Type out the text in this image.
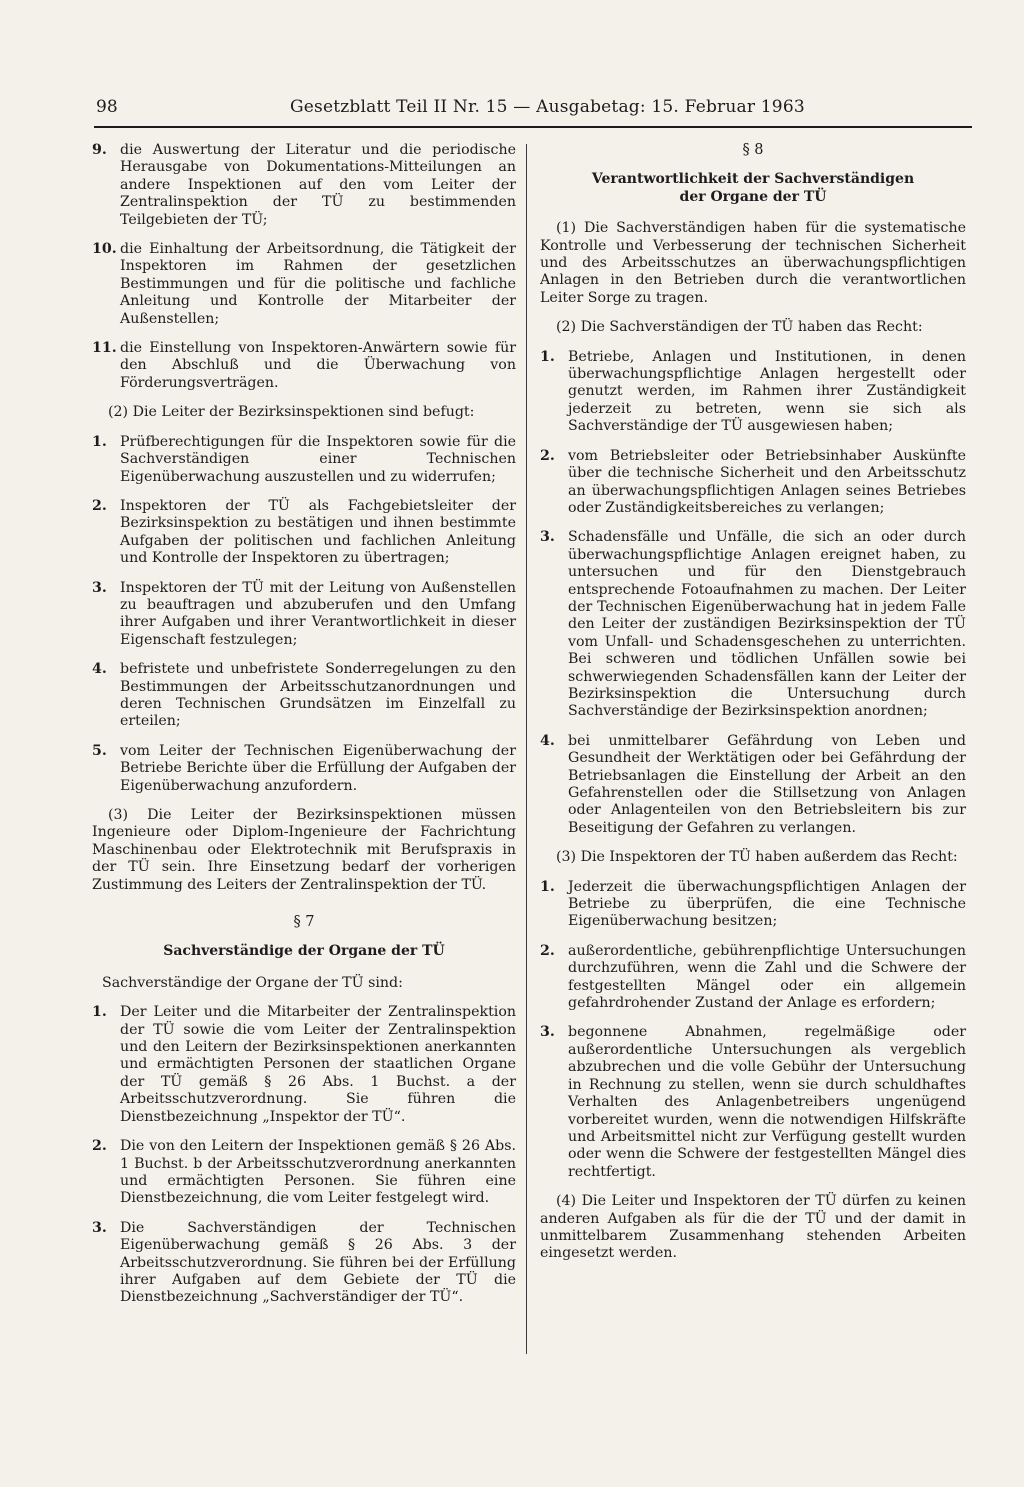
98	Gesetzblatt Teil II Nr. 15 — Ausgabetag: 15. Februar 1963
9. die Auswertung der Literatur und die periodische Herausgabe von Dokumentations-Mitteilungen an andere Inspektionen auf den vom Leiter der Zentralinspektion der TÜ zu bestimmenden Teilgebieten der TÜ;
10. die Einhaltung der Arbeitsordnung, die Tätigkeit der Inspektoren im Rahmen der gesetzlichen Bestimmungen und für die politische und fachliche Anleitung und Kontrolle der Mitarbeiter der Außenstellen;
11. die Einstellung von Inspektoren-Anwärtern sowie für den Abschluß und die Überwachung von Förderungsverträgen.

(2) Die Leiter der Bezirksinspektionen sind befugt:

1. Prüfberechtigungen für die Inspektoren sowie für die Sachverständigen einer Technischen Eigenüberwachung auszustellen und zu widerrufen;
2. Inspektoren der TÜ als Fachgebietsleiter der Bezirksinspektion zu bestätigen und ihnen bestimmte Aufgaben der politischen und fachlichen Anleitung und Kontrolle der Inspektoren zu übertragen;
3. Inspektoren der TÜ mit der Leitung von Außenstellen zu beauftragen und abzuberufen und den Umfang ihrer Aufgaben und ihrer Verantwortlichkeit in dieser Eigenschaft festzulegen;
4. befristete und unbefristete Sonderregelungen zu den Bestimmungen der Arbeitsschutzanordnungen und deren Technischen Grundsätzen im Einzelfall zu erteilen;
5. vom Leiter der Technischen Eigenüberwachung der Betriebe Berichte über die Erfüllung der Aufgaben der Eigenüberwachung anzufordern.

(3) Die Leiter der Bezirksinspektionen müssen Ingenieure oder Diplom-Ingenieure der Fachrichtung Maschinenbau oder Elektrotechnik mit Berufspraxis in der TÜ sein. Ihre Einsetzung bedarf der vorherigen Zustimmung des Leiters der Zentralinspektion der TÜ.

§ 7
Sachverständige der Organe der TÜ

Sachverständige der Organe der TÜ sind:

1. Der Leiter und die Mitarbeiter der Zentralinspektion der TÜ sowie die vom Leiter der Zentralinspektion und den Leitern der Bezirksinspektionen anerkannten und ermächtigten Personen der staatlichen Organe der TÜ gemäß § 26 Abs. 1 Buchst. a der Arbeitsschutzverordnung. Sie führen die Dienstbezeichnung „Inspektor der TÜ“.
2. Die von den Leitern der Inspektionen gemäß § 26 Abs. 1 Buchst. b der Arbeitsschutzverordnung anerkannten und ermächtigten Personen. Sie führen eine Dienstbezeichnung, die vom Leiter festgelegt wird.
3. Die Sachverständigen der Technischen Eigenüberwachung gemäß § 26 Abs. 3 der Arbeitsschutzverordnung. Sie führen bei der Erfüllung ihrer Aufgaben auf dem Gebiete der TÜ die Dienstbezeichnung „Sachverständiger der TÜ“.
§ 8
Verantwortlichkeit der Sachverständigen
der Organe der TÜ

(1) Die Sachverständigen haben für die systematische Kontrolle und Verbesserung der technischen Sicherheit und des Arbeitsschutzes an überwachungspflichtigen Anlagen in den Betrieben durch die verantwortlichen Leiter Sorge zu tragen.

(2) Die Sachverständigen der TÜ haben das Recht:

1. Betriebe, Anlagen und Institutionen, in denen überwachungspflichtige Anlagen hergestellt oder genutzt werden, im Rahmen ihrer Zuständigkeit jederzeit zu betreten, wenn sie sich als Sachverständige der TÜ ausgewiesen haben;
2. vom Betriebsleiter oder Betriebsinhaber Auskünfte über die technische Sicherheit und den Arbeitsschutz an überwachungspflichtigen Anlagen seines Betriebes oder Zuständigkeitsbereiches zu verlangen;
3. Schadensfälle und Unfälle, die sich an oder durch überwachungspflichtige Anlagen ereignet haben, zu untersuchen und für den Dienstgebrauch entsprechende Fotoaufnahmen zu machen. Der Leiter der Technischen Eigenüberwachung hat in jedem Falle den Leiter der zuständigen Bezirksinspektion der TÜ vom Unfall- und Schadensgeschehen zu unterrichten. Bei schweren und tödlichen Unfällen sowie bei schwerwiegenden Schadensfällen kann der Leiter der Bezirksinspektion die Untersuchung durch Sachverständige der Bezirksinspektion anordnen;
4. bei unmittelbarer Gefährdung von Leben und Gesundheit der Werktätigen oder bei Gefährdung der Betriebsanlagen die Einstellung der Arbeit an den Gefahrenstellen oder die Stillsetzung von Anlagen oder Anlagenteilen von den Betriebsleitern bis zur Beseitigung der Gefahren zu verlangen.

(3) Die Inspektoren der TÜ haben außerdem das Recht:

1. Jederzeit die überwachungspflichtigen Anlagen der Betriebe zu überprüfen, die eine Technische Eigenüberwachung besitzen;
2. außerordentliche, gebührenpflichtige Untersuchungen durchzuführen, wenn die Zahl und die Schwere der festgestellten Mängel oder ein allgemein gefahrdrohender Zustand der Anlage es erfordern;
3. begonnene Abnahmen, regelmäßige oder außerordentliche Untersuchungen als vergeblich abzubrechen und die volle Gebühr der Untersuchung in Rechnung zu stellen, wenn sie durch schuldhaftes Verhalten des Anlagenbetreibers ungenügend vorbereitet wurden, wenn die notwendigen Hilfskräfte und Arbeitsmittel nicht zur Verfügung gestellt wurden oder wenn die Schwere der festgestellten Mängel dies rechtfertigt.

(4) Die Leiter und Inspektoren der TÜ dürfen zu keinen anderen Aufgaben als für die der TÜ und der damit in unmittelbarem Zusammenhang stehenden Arbeiten eingesetzt werden.
